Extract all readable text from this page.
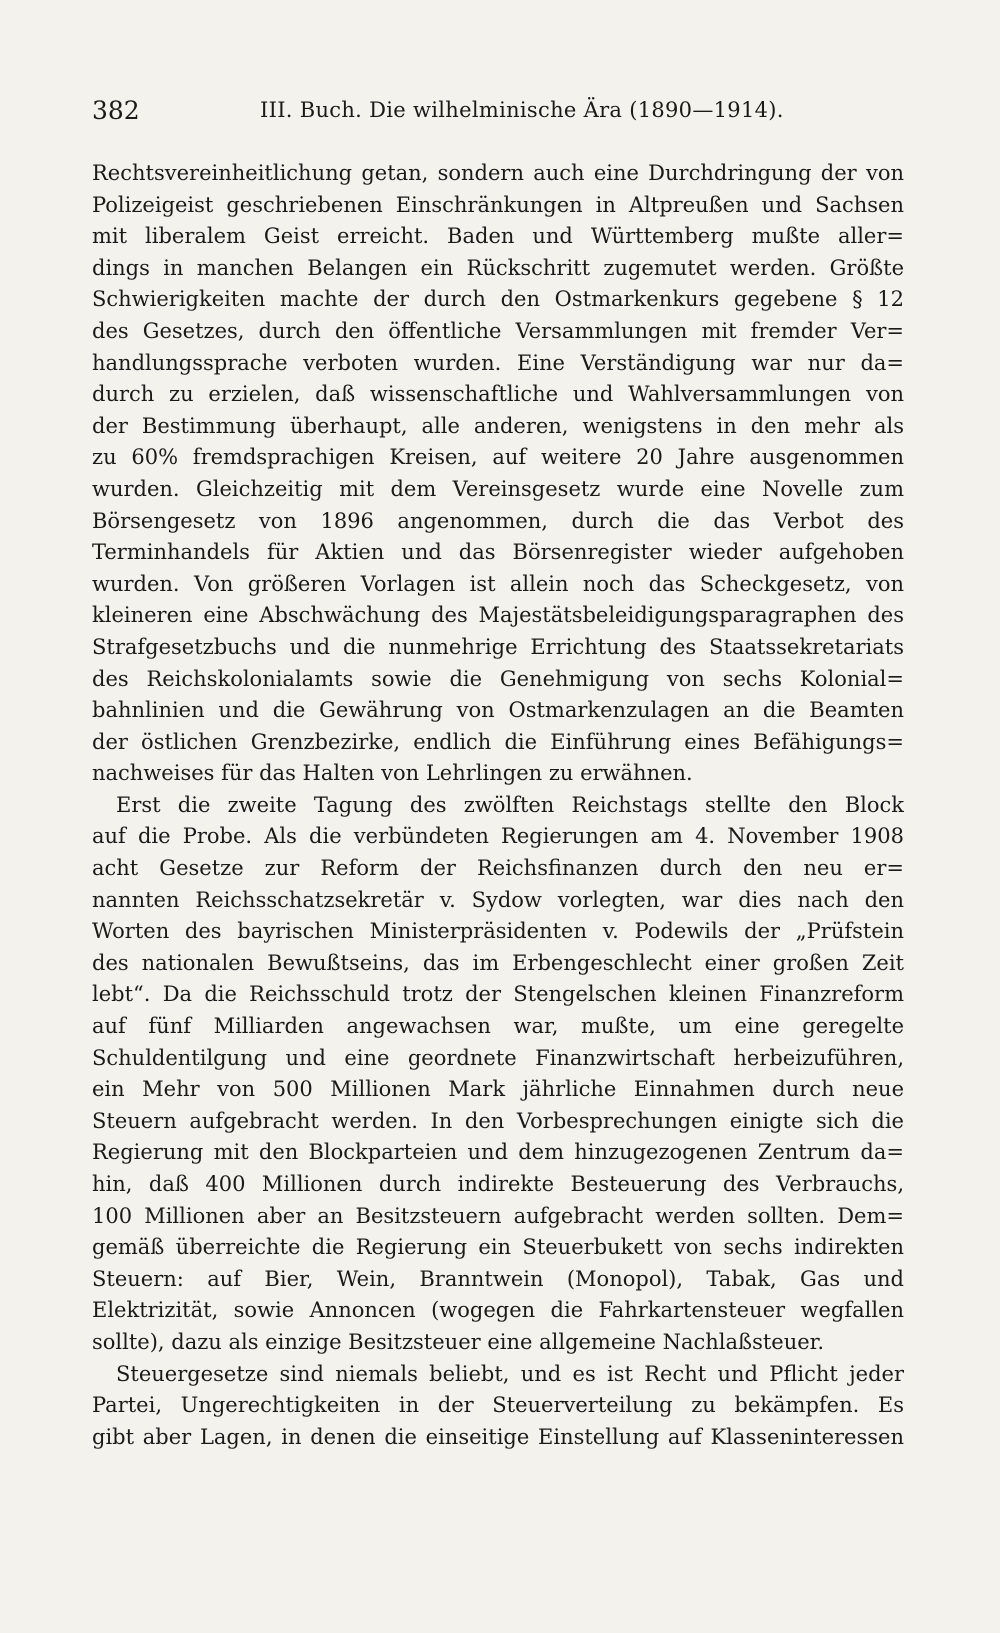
382	III. Buch. Die wilhelminische Ära (1890—1914).
Rechtsvereinheitlichung getan, sondern auch eine Durchdringung der von
Polizeigeist geschriebenen Einschränkungen in Altpreußen und Sachsen
mit liberalem Geist erreicht. Baden und Württemberg mußte aller=
dings in manchen Belangen ein Rückschritt zugemutet werden. Größte
Schwierigkeiten machte der durch den Ostmarkenkurs gegebene § 12
des Gesetzes, durch den öffentliche Versammlungen mit fremder Ver=
handlungssprache verboten wurden. Eine Verständigung war nur da=
durch zu erzielen, daß wissenschaftliche und Wahlversammlungen von
der Bestimmung überhaupt, alle anderen, wenigstens in den mehr als
zu 60% fremdsprachigen Kreisen, auf weitere 20 Jahre ausgenommen
wurden. Gleichzeitig mit dem Vereinsgesetz wurde eine Novelle zum
Börsengesetz von 1896 angenommen, durch die das Verbot des
Terminhandels für Aktien und das Börsenregister wieder aufgehoben
wurden. Von größeren Vorlagen ist allein noch das Scheckgesetz, von
kleineren eine Abschwächung des Majestätsbeleidigungsparagraphen des
Strafgesetzbuchs und die nunmehrige Errichtung des Staatssekretariats
des Reichskolonialamts sowie die Genehmigung von sechs Kolonial=
bahnlinien und die Gewährung von Ostmarkenzulagen an die Beamten
der östlichen Grenzbezirke, endlich die Einführung eines Befähigungs=
nachweises für das Halten von Lehrlingen zu erwähnen.
Erst die zweite Tagung des zwölften Reichstags stellte den Block
auf die Probe. Als die verbündeten Regierungen am 4. November 1908
acht Gesetze zur Reform der Reichsfinanzen durch den neu er=
nannten Reichsschatzsekretär v. Sydow vorlegten, war dies nach den
Worten des bayrischen Ministerpräsidenten v. Podewils der „Prüfstein
des nationalen Bewußtseins, das im Erbengeschlecht einer großen Zeit
lebt“. Da die Reichsschuld trotz der Stengelschen kleinen Finanzreform
auf fünf Milliarden angewachsen war, mußte, um eine geregelte
Schuldentilgung und eine geordnete Finanzwirtschaft herbeizuführen,
ein Mehr von 500 Millionen Mark jährliche Einnahmen durch neue
Steuern aufgebracht werden. In den Vorbesprechungen einigte sich die
Regierung mit den Blockparteien und dem hinzugezogenen Zentrum da=
hin, daß 400 Millionen durch indirekte Besteuerung des Verbrauchs,
100 Millionen aber an Besitzsteuern aufgebracht werden sollten. Dem=
gemäß überreichte die Regierung ein Steuerbukett von sechs indirekten
Steuern: auf Bier, Wein, Branntwein (Monopol), Tabak, Gas und
Elektrizität, sowie Annoncen (wogegen die Fahrkartensteuer wegfallen
sollte), dazu als einzige Besitzsteuer eine allgemeine Nachlaßsteuer.
Steuergesetze sind niemals beliebt, und es ist Recht und Pflicht jeder
Partei, Ungerechtigkeiten in der Steuerverteilung zu bekämpfen. Es
gibt aber Lagen, in denen die einseitige Einstellung auf Klasseninteressen
